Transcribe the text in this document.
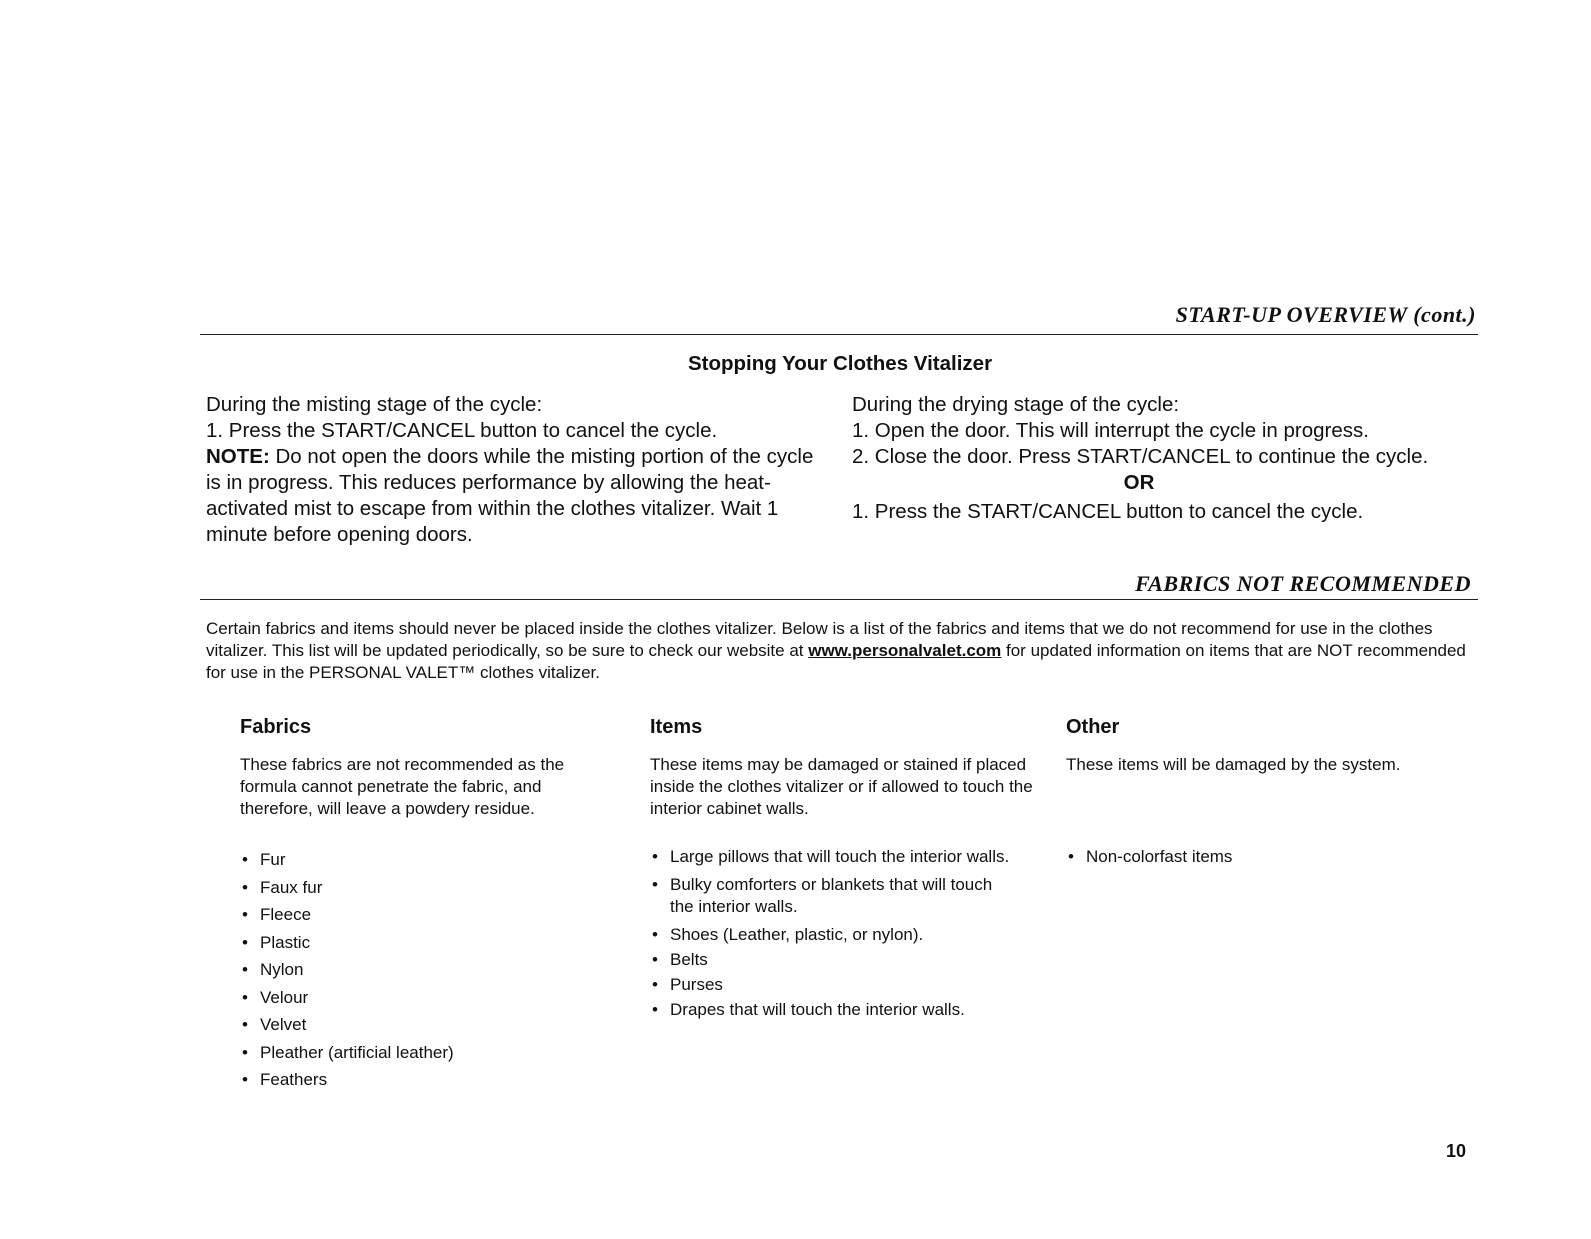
START-UP OVERVIEW (cont.)
Stopping Your Clothes Vitalizer
During the misting stage of the cycle:
1. Press the START/CANCEL button to cancel the cycle.
NOTE: Do not open the doors while the misting portion of the cycle is in progress. This reduces performance by allowing the heat-activated mist to escape from within the clothes vitalizer. Wait 1 minute before opening doors.
During the drying stage of the cycle:
1. Open the door. This will interrupt the cycle in progress.
2. Close the door. Press START/CANCEL to continue the cycle.
OR
1. Press the START/CANCEL button to cancel the cycle.
FABRICS NOT RECOMMENDED
Certain fabrics and items should never be placed inside the clothes vitalizer. Below is a list of the fabrics and items that we do not recommend for use in the clothes vitalizer. This list will be updated periodically, so be sure to check our website at www.personalvalet.com for updated information on items that are NOT recommended for use in the PERSONAL VALET™ clothes vitalizer.
Fabrics
These fabrics are not recommended as the formula cannot penetrate the fabric, and therefore, will leave a powdery residue.
• Fur
• Faux fur
• Fleece
• Plastic
• Nylon
• Velour
• Velvet
• Pleather (artificial leather)
• Feathers
Items
These items may be damaged or stained if placed inside the clothes vitalizer or if allowed to touch the interior cabinet walls.
• Large pillows that will touch the interior walls.
• Bulky comforters or blankets that will touch the interior walls.
• Shoes (Leather, plastic, or nylon).
• Belts
• Purses
• Drapes that will touch the interior walls.
Other
These items will be damaged by the system.
• Non-colorfast items
10
